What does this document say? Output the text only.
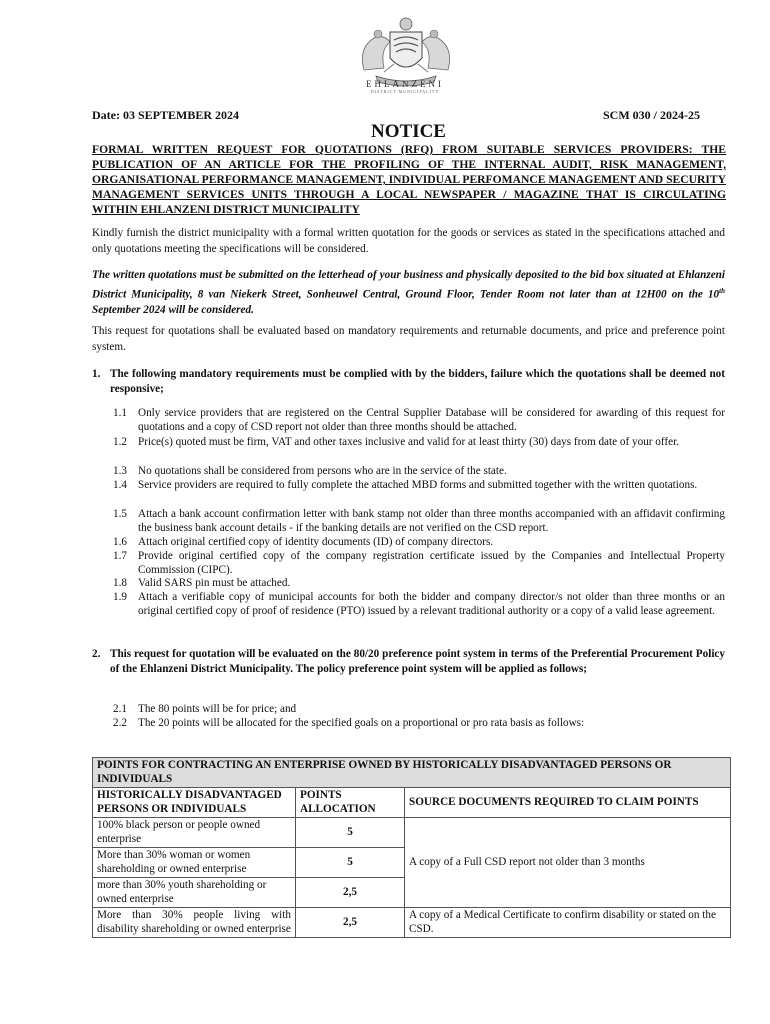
EHLANZENI
DISTRICT MUNICIPALITY
Date: 03 SEPTEMBER 2024	SCM 030 / 2024-25
NOTICE
FORMAL WRITTEN REQUEST FOR QUOTATIONS (RFQ) FROM SUITABLE SERVICES PROVIDERS: THE PUBLICATION OF AN ARTICLE FOR THE PROFILING OF THE INTERNAL AUDIT, RISK MANAGEMENT, ORGANISATIONAL PERFORMANCE MANAGEMENT, INDIVIDUAL PERFOMANCE MANAGEMENT AND SECURITY MANAGEMENT SERVICES UNITS THROUGH A LOCAL NEWSPAPER / MAGAZINE THAT IS CIRCULATING WITHIN EHLANZENI DISTRICT MUNICIPALITY

Kindly furnish the district municipality with a formal written quotation for the goods or services as stated in the specifications attached and only quotations meeting the specifications will be considered.

The written quotations must be submitted on the letterhead of your business and physically deposited to the bid box situated at Ehlanzeni District Municipality, 8 van Niekerk Street, Sonheuwel Central, Ground Floor, Tender Room not later than at 12H00 on the 10th September 2024 will be considered.

This request for quotations shall be evaluated based on mandatory requirements and returnable documents, and price and preference point system.

1. The following mandatory requirements must be complied with by the bidders, failure which the quotations shall be deemed not responsive;
1.1 Only service providers that are registered on the Central Supplier Database will be considered for awarding of this request for quotations and a copy of CSD report not older than three months should be attached.
1.2 Price(s) quoted must be firm, VAT and other taxes inclusive and valid for at least thirty (30) days from date of your offer.
1.3 No quotations shall be considered from persons who are in the service of the state.
1.4 Service providers are required to fully complete the attached MBD forms and submitted together with the written quotations.
1.5 Attach a bank account confirmation letter with bank stamp not older than three months accompanied with an affidavit confirming the business bank account details - if the banking details are not verified on the CSD report.
1.6 Attach original certified copy of identity documents (ID) of company directors.
1.7 Provide original certified copy of the company registration certificate issued by the Companies and Intellectual Property Commission (CIPC).
1.8 Valid SARS pin must be attached.
1.9 Attach a verifiable copy of municipal accounts for both the bidder and company director/s not older than three months or an original certified copy of proof of residence (PTO) issued by a relevant traditional authority or a copy of a valid lease agreement.
2. This request for quotation will be evaluated on the 80/20 preference point system in terms of the Preferential Procurement Policy of the Ehlanzeni District Municipality. The policy preference point system will be applied as follows;
2.1 The 80 points will be for price; and
2.2 The 20 points will be allocated for the specified goals on a proportional or pro rata basis as follows:
POINTS FOR CONTRACTING AN ENTERPRISE OWNED BY HISTORICALLY DISADVANTAGED PERSONS OR INDIVIDUALS		
HISTORICALLY DISADVANTAGED PERSONS OR INDIVIDUALS	POINTS ALLOCATION	SOURCE DOCUMENTS REQUIRED TO CLAIM POINTS
100% black person or people owned enterprise	5	A copy of a Full CSD report not older than 3 months
More than 30% woman or women shareholding or owned enterprise	5	
more than 30% youth shareholding or owned enterprise	2,5	
More than 30% people living with disability shareholding or owned enterprise	2,5	A copy of a Medical Certificate to confirm disability or stated on the CSD.
